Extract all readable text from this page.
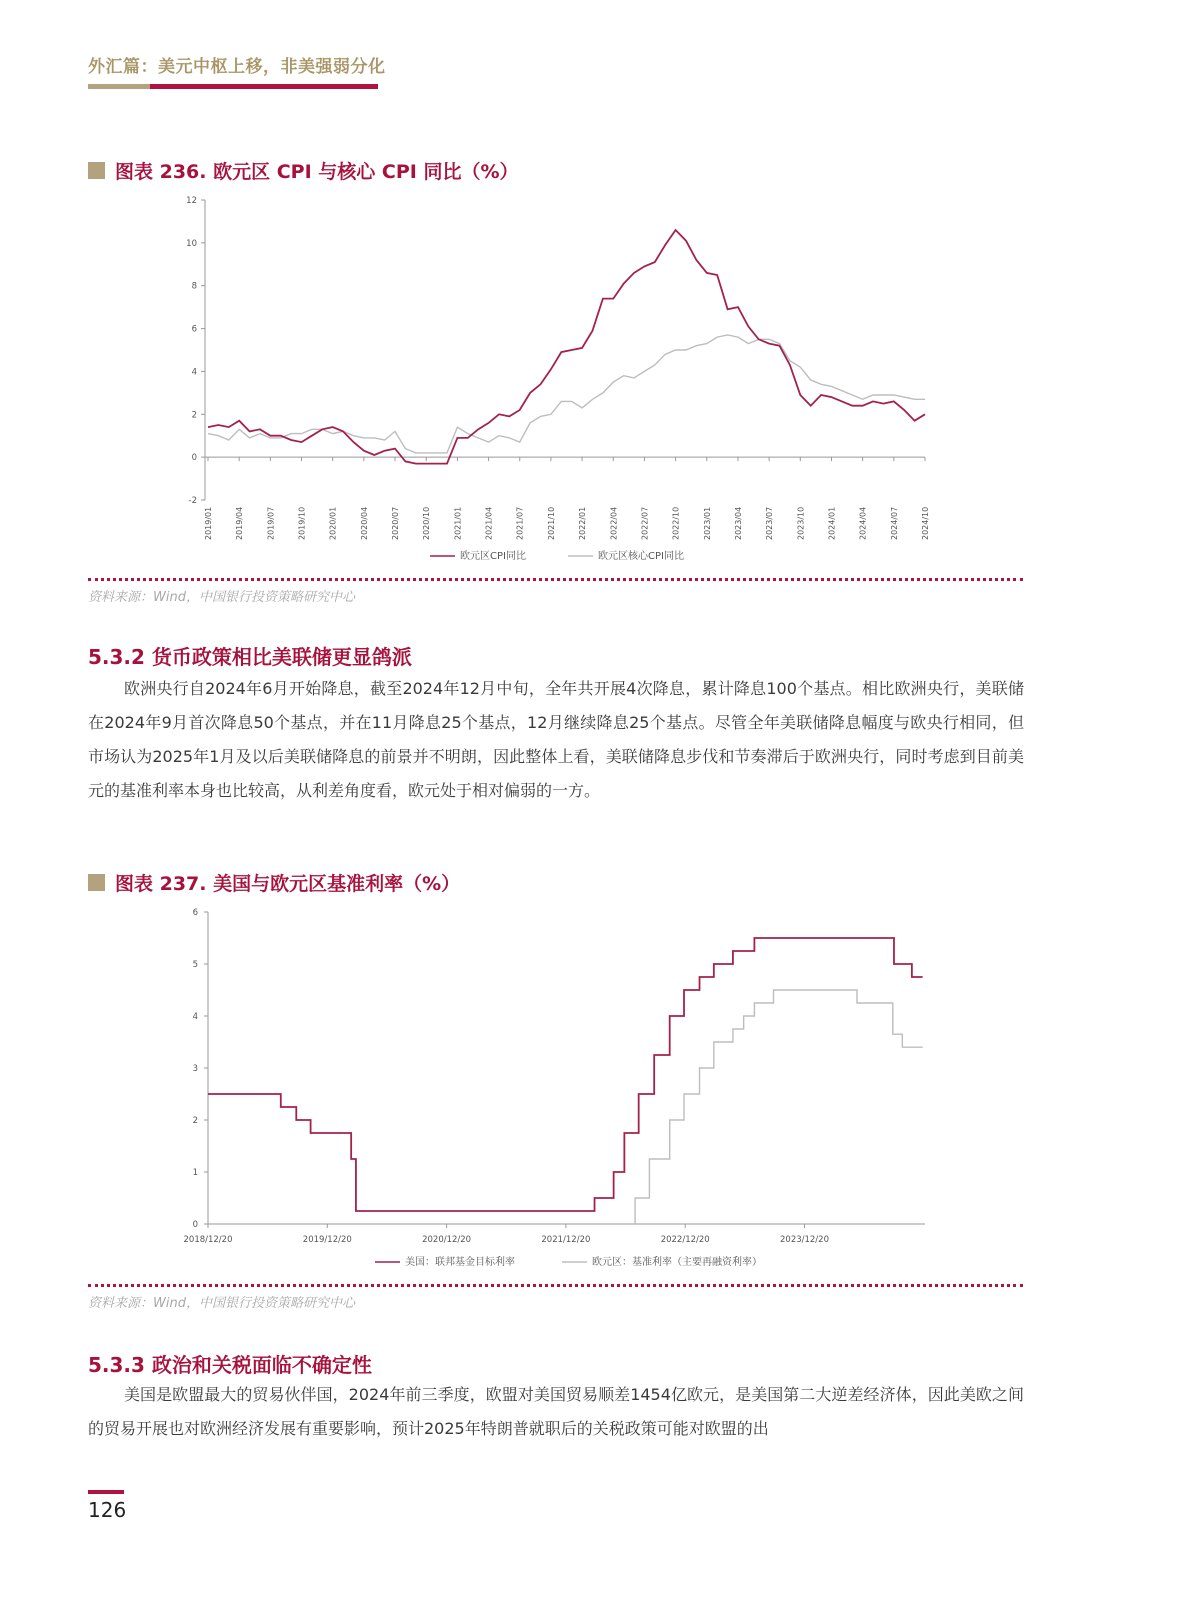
外汇篇：美元中枢上移，非美强弱分化
图表 236. 欧元区 CPI 与核心 CPI 同比（%）
-2
0
2
4
6
8
10
12
2019/01	2019/04	2019/07	2019/10	2020/01	2020/04	2020/07	2020/10	2021/01	2021/04	2021/07	2021/10	2022/01	2022/04	2022/07	2022/10	2023/01	2023/04	2023/07	2023/10	2024/01	2024/04	2024/07	2024/10
欧元区CPI同比	欧元区核心CPI同比
资料来源：Wind，中国银行投资策略研究中心
5.3.2 货币政策相比美联储更显鸽派

欧洲央行自2024年6月开始降息，截至2024年12月中旬，全年共开展4次降息，累计降息100个基点。相比欧洲央行，美联储在2024年9月首次降息50个基点，并在11月降息25个基点，12月继续降息25个基点。尽管全年美联储降息幅度与欧央行相同，但市场认为2025年1月及以后美联储降息的前景并不明朗，因此整体上看，美联储降息步伐和节奏滞后于欧洲央行，同时考虑到目前美元的基准利率本身也比较高，从利差角度看，欧元处于相对偏弱的一方。

图表 237. 美国与欧元区基准利率（%）
0
1
2
3
4
5
6
2018/12/20	2019/12/20	2020/12/20	2021/12/20	2022/12/20	2023/12/20
美国：联邦基金目标利率	欧元区：基准利率（主要再融资利率）
资料来源：Wind，中国银行投资策略研究中心
5.3.3 政治和关税面临不确定性

美国是欧盟最大的贸易伙伴国，2024年前三季度，欧盟对美国贸易顺差1454亿欧元，是美国第二大逆差经济体，因此美欧之间的贸易开展也对欧洲经济发展有重要影响，预计2025年特朗普就职后的关税政策可能对欧盟的出

126
